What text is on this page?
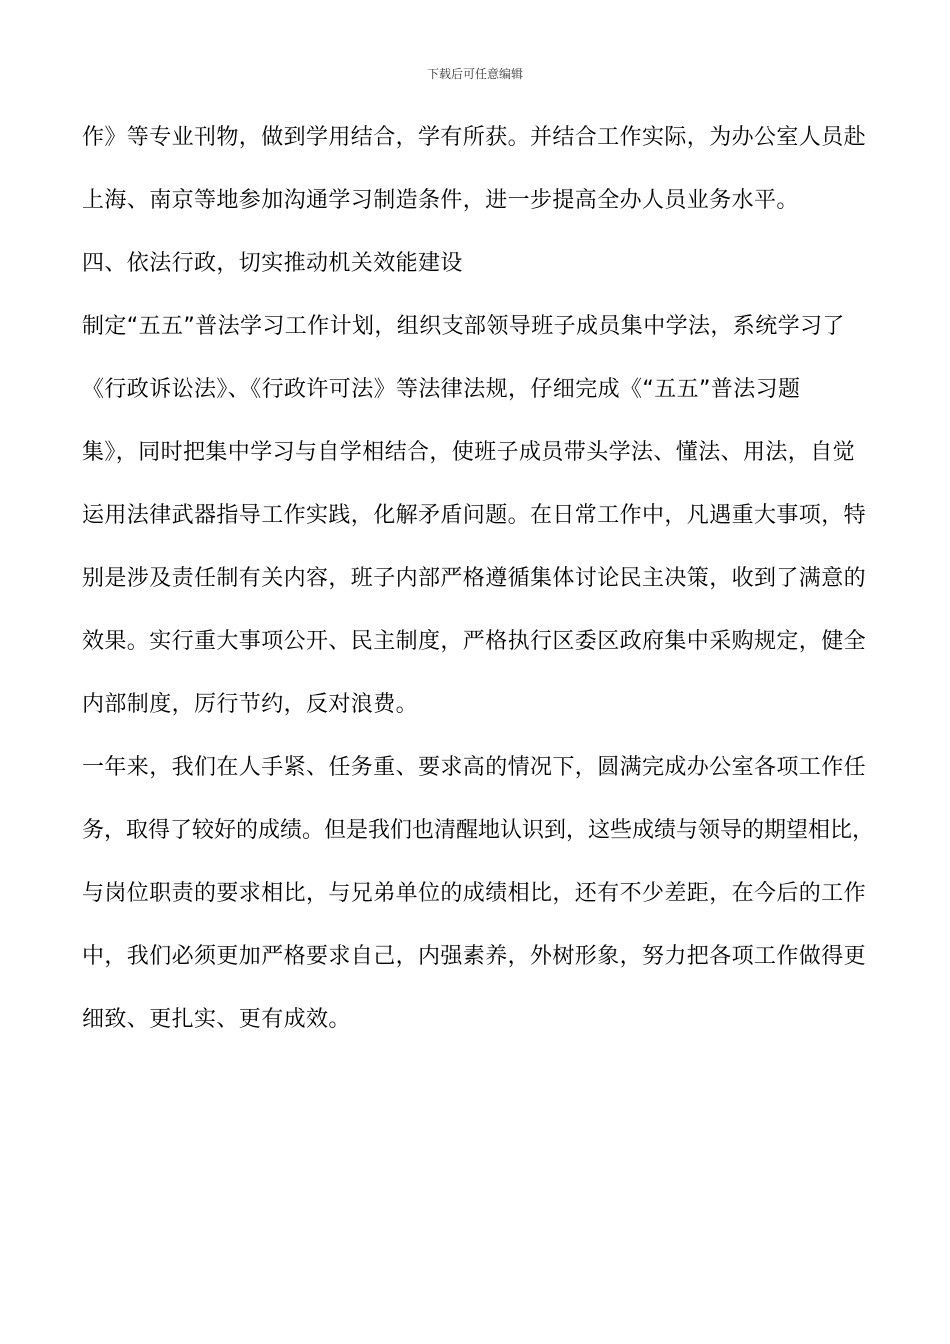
下载后可任意编辑
作》等专业刊物，做到学用结合，学有所获。并结合工作实际，为办公室人员赴
上海、南京等地参加沟通学习制造条件，进一步提高全办人员业务水平。
四、依法行政，切实推动机关效能建设
制定“五五”普法学习工作计划，组织支部领导班子成员集中学法，系统学习了
《行政诉讼法》、《行政许可法》等法律法规，仔细完成《“五五”普法习题
集》，同时把集中学习与自学相结合，使班子成员带头学法、懂法、用法，自觉
运用法律武器指导工作实践，化解矛盾问题。在日常工作中，凡遇重大事项，特
别是涉及责任制有关内容，班子内部严格遵循集体讨论民主决策，收到了满意的
效果。实行重大事项公开、民主制度，严格执行区委区政府集中采购规定，健全
内部制度，厉行节约，反对浪费。
一年来，我们在人手紧、任务重、要求高的情况下，圆满完成办公室各项工作任
务，取得了较好的成绩。但是我们也清醒地认识到，这些成绩与领导的期望相比，
与岗位职责的要求相比，与兄弟单位的成绩相比，还有不少差距，在今后的工作
中，我们必须更加严格要求自己，内强素养，外树形象，努力把各项工作做得更
细致、更扎实、更有成效。
